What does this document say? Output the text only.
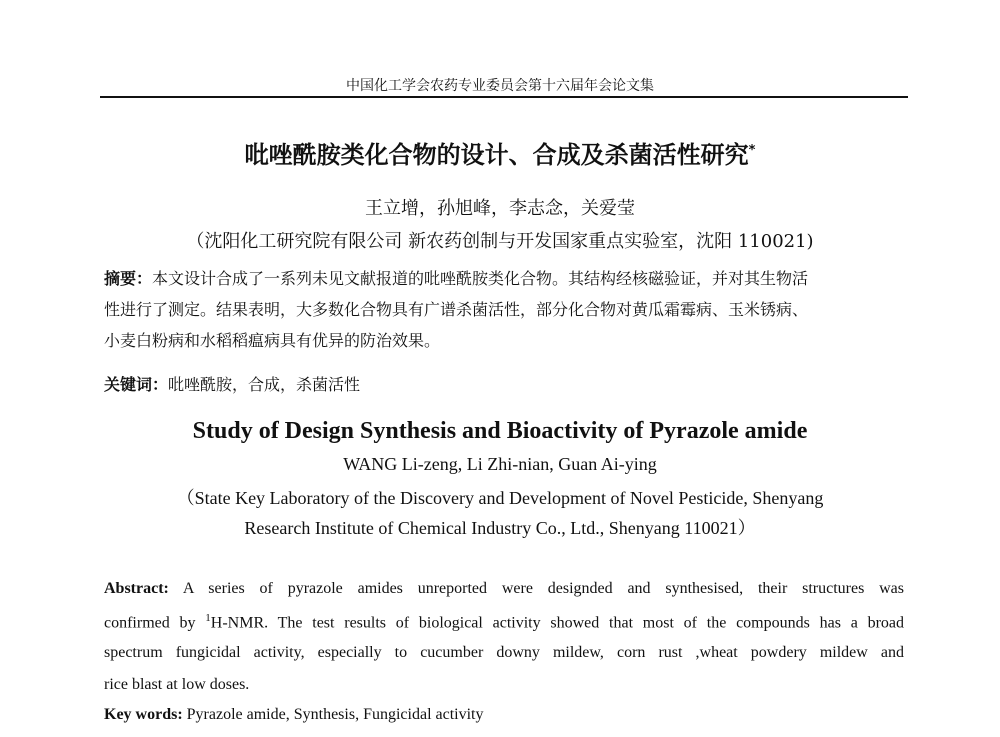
中国化工学会农药专业委员会第十六届年会论文集
吡唑酰胺类化合物的设计、合成及杀菌活性研究*
王立增，孙旭峰，李志念，关爱莹
（沈阳化工研究院有限公司 新农药创制与开发国家重点实验室，沈阳 110021)
摘要：本文设计合成了一系列未见文献报道的吡唑酰胺类化合物。其结构经核磁验证，并对其生物活
性进行了测定。结果表明，大多数化合物具有广谱杀菌活性，部分化合物对黄瓜霜霉病、玉米锈病、
小麦白粉病和水稻稻瘟病具有优异的防治效果。
关键词：吡唑酰胺，合成，杀菌活性
Study of Design Synthesis and Bioactivity of Pyrazole amide
WANG Li-zeng, Li Zhi-nian, Guan Ai-ying
（State Key Laboratory of the Discovery and Development of Novel Pesticide, Shenyang
Research Institute of Chemical Industry Co., Ltd., Shenyang 110021）
Abstract: A series of pyrazole amides unreported were designded and synthesised, their structures was
confirmed by $^1$H-NMR. The test results of biological activity showed that most of the compounds has a broad
spectrum fungicidal activity, especially to cucumber downy mildew, corn rust ,wheat powdery mildew and
rice blast at low doses.
Key words: Pyrazole amide, Synthesis, Fungicidal activity
